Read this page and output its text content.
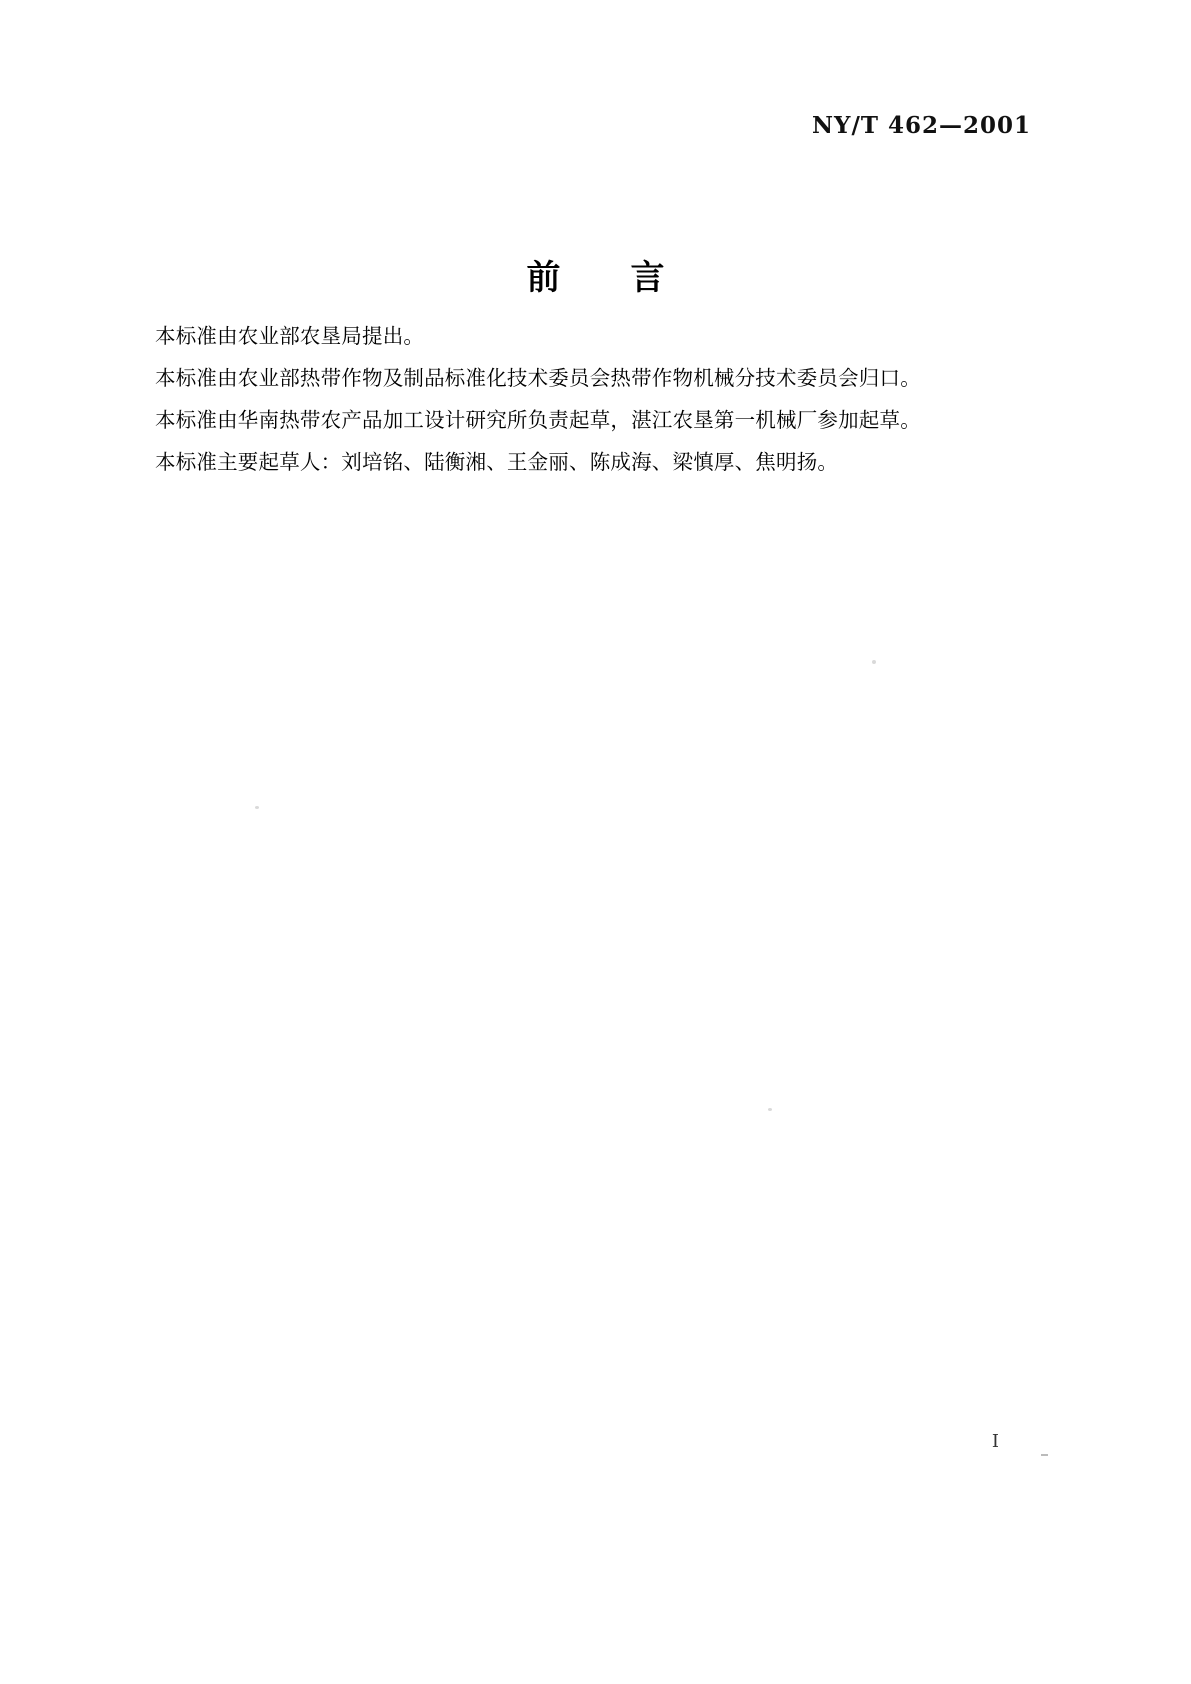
NY/T 462—2001
前 言

本标准由农业部农垦局提出。

本标准由农业部热带作物及制品标准化技术委员会热带作物机械分技术委员会归口。

本标准由华南热带农产品加工设计研究所负责起草，湛江农垦第一机械厂参加起草。

本标准主要起草人：刘培铭、陆衡湘、王金丽、陈成海、梁慎厚、焦明扬。

I
